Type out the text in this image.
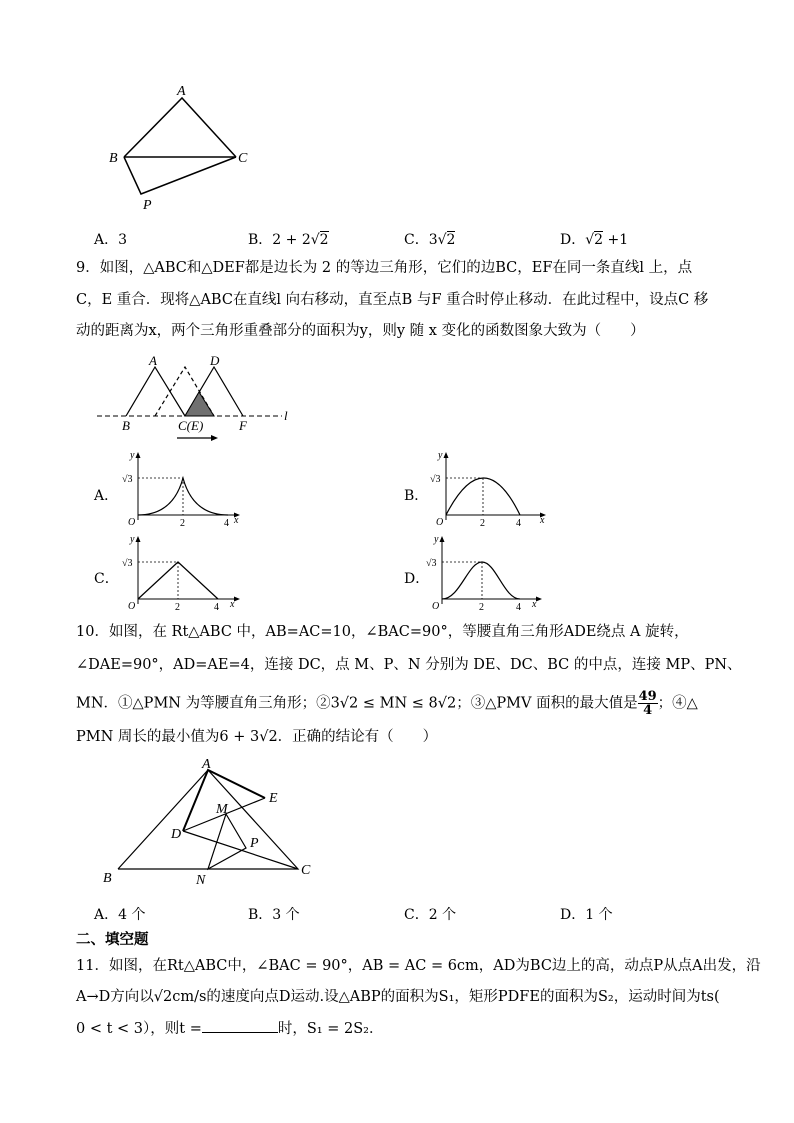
A
B	C
P
A．3	B．2 + 2√2	C．3√2	D．√2 +1
9．如图，△ABC和△DEF都是边长为 2 的等边三角形，它们的边BC，EF在同一条直线l 上，点
C，E 重合．现将△ABC在直线l 向右移动，直至点B 与F 重合时停止移动．在此过程中，设点C 移
动的距离为x，两个三角形重叠部分的面积为y，则y 随 x 变化的函数图象大致为（　　）
A	D
B	C(E)	F
l
A．
y
√3
O	2	4 x
B．
y
√3
O	2	4 x
C．
y
√3
O	2	4 x
D．
y
√3
O	2	4 x
10．如图，在 Rt△ABC 中，AB=AC=10，∠BAC=90°，等腰直角三角形ADE绕点 A 旋转，
∠DAE=90°，AD=AE=4，连接 DC，点 M、P、N 分别为 DE、DC、BC 的中点，连接 MP、PN、
MN．①△PMN 为等腰直角三角形；②3√2 ≤ MN ≤ 8√2；③△PMV 面积的最大值是 $\frac{49}{4}$ ；④△
PMN 周长的最小值为6 + 3√2．正确的结论有（　　）
A
E
M
D
P
B	N
C
A．4 个	B．3 个	C．2 个	D．1 个
二、填空题
11．如图，在Rt△ABC中，∠BAC = 90°，AB = AC = 6cm，AD为BC边上的高，动点P从点A出发，沿
A→D方向以√2cm/s的速度向点D运动.设△ABP的面积为S₁，矩形PDFE的面积为S₂，运动时间为ts(
0 < t < 3），则t =	时，S₁ = 2S₂．
